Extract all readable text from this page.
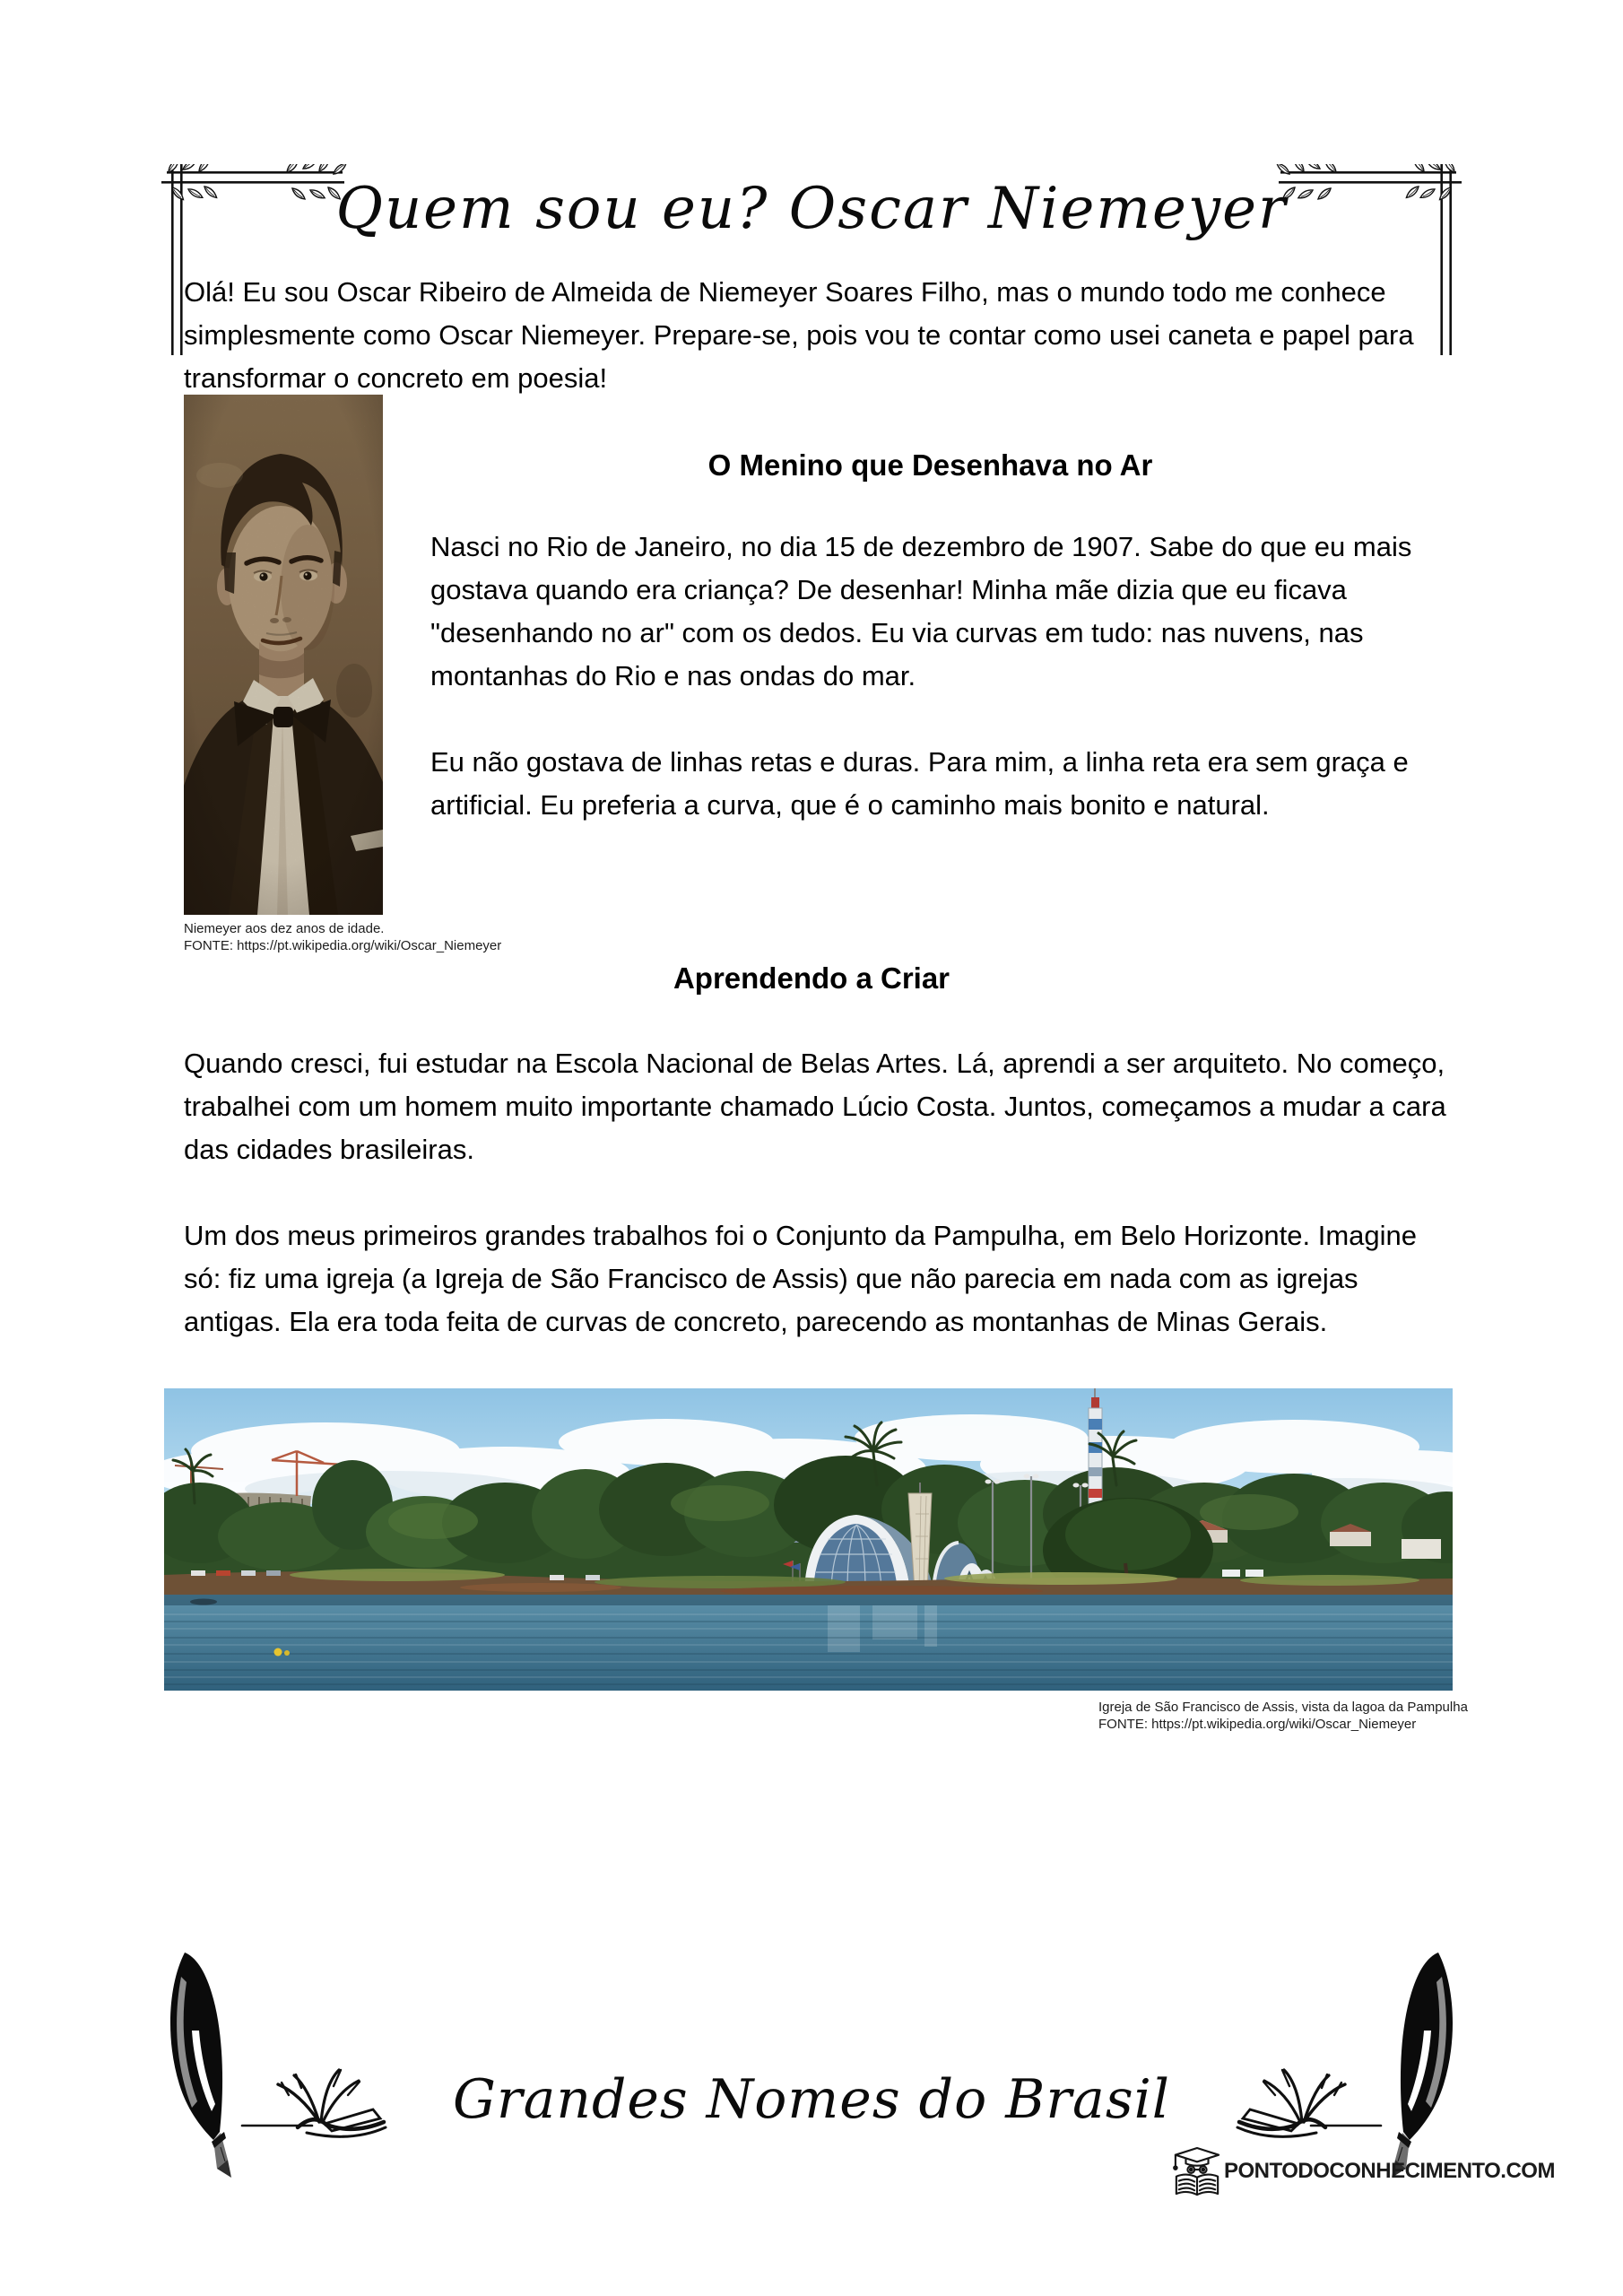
Quem sou eu? Oscar Niemeyer

Olá! Eu sou Oscar Ribeiro de Almeida de Niemeyer Soares Filho, mas o mundo todo me conhece simplesmente como Oscar Niemeyer. Prepare-se, pois vou te contar como usei caneta e papel para transformar o concreto em poesia!

Niemeyer aos dez anos de idade.
FONTE: https://pt.wikipedia.org/wiki/Oscar_Niemeyer
O Menino que Desenhava no Ar

Nasci no Rio de Janeiro, no dia 15 de dezembro de 1907. Sabe do que eu mais gostava quando era criança? De desenhar! Minha mãe dizia que eu ficava "desenhando no ar" com os dedos. Eu via curvas em tudo: nas nuvens, nas montanhas do Rio e nas ondas do mar.

Eu não gostava de linhas retas e duras. Para mim, a linha reta era sem graça e artificial. Eu preferia a curva, que é o caminho mais bonito e natural.

Aprendendo a Criar

Quando cresci, fui estudar na Escola Nacional de Belas Artes. Lá, aprendi a ser arquiteto. No começo, trabalhei com um homem muito importante chamado Lúcio Costa. Juntos, começamos a mudar a cara das cidades brasileiras.

Um dos meus primeiros grandes trabalhos foi o Conjunto da Pampulha, em Belo Horizonte. Imagine só: fiz uma igreja (a Igreja de São Francisco de Assis) que não parecia em nada com as igrejas antigas. Ela era toda feita de curvas de concreto, parecendo as montanhas de Minas Gerais.

Igreja de São Francisco de Assis, vista da lagoa da Pampulha
FONTE: https://pt.wikipedia.org/wiki/Oscar_Niemeyer
Grandes Nomes do Brasil
PONTODOCONHECIMENTO.COM
